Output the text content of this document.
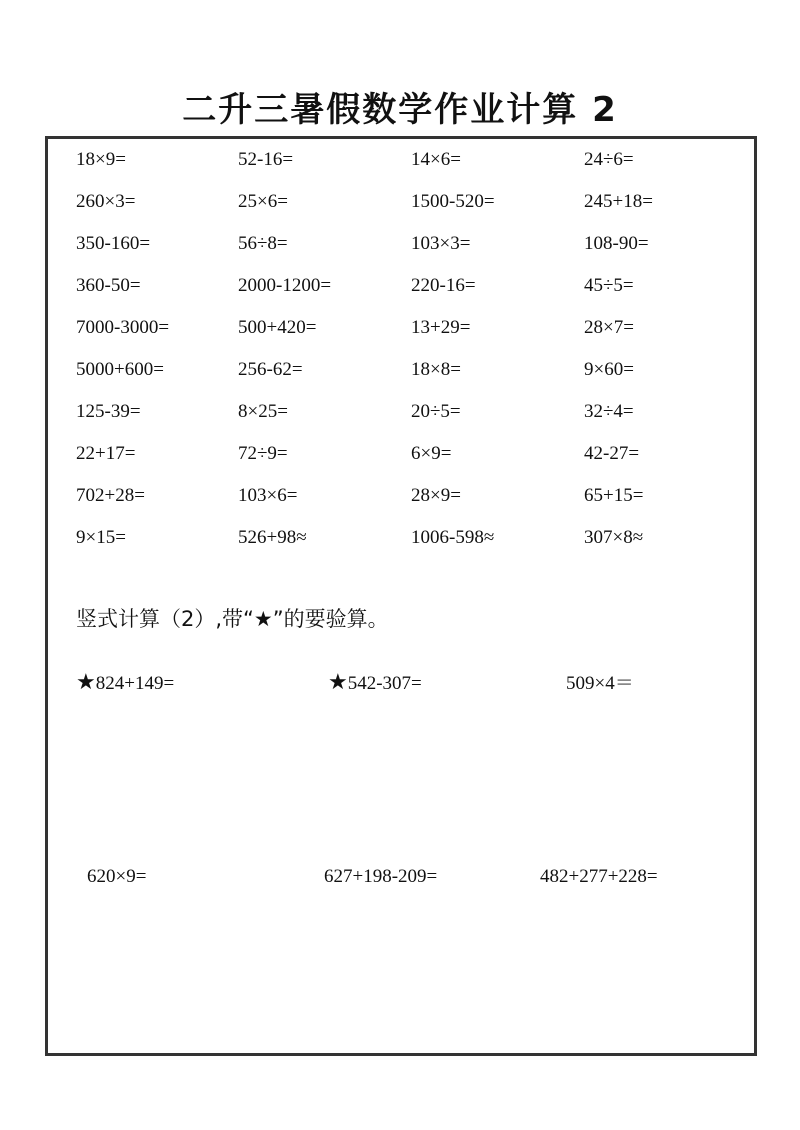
二升三暑假数学作业计算 2
18×9=	52-16=	14×6=	24÷6=
260×3=	25×6=	1500-520=	245+18=
350-160=	56÷8=	103×3=	108-90=
360-50=	2000-1200=	220-16=	45÷5=
7000-3000=	500+420=	13+29=	28×7=
5000+600=	256-62=	18×8=	9×60=
125-39=	8×25=	20÷5=	32÷4=
22+17=	72÷9=	6×9=	42-27=
702+28=	103×6=	28×9=	65+15=
9×15=	526+98≈	1006-598≈	307×8≈
竖式计算（2）,带“★”的要验算。
★824+149=	★542-307=	509×4＝
620×9=	627+198-209=	482+277+228=
